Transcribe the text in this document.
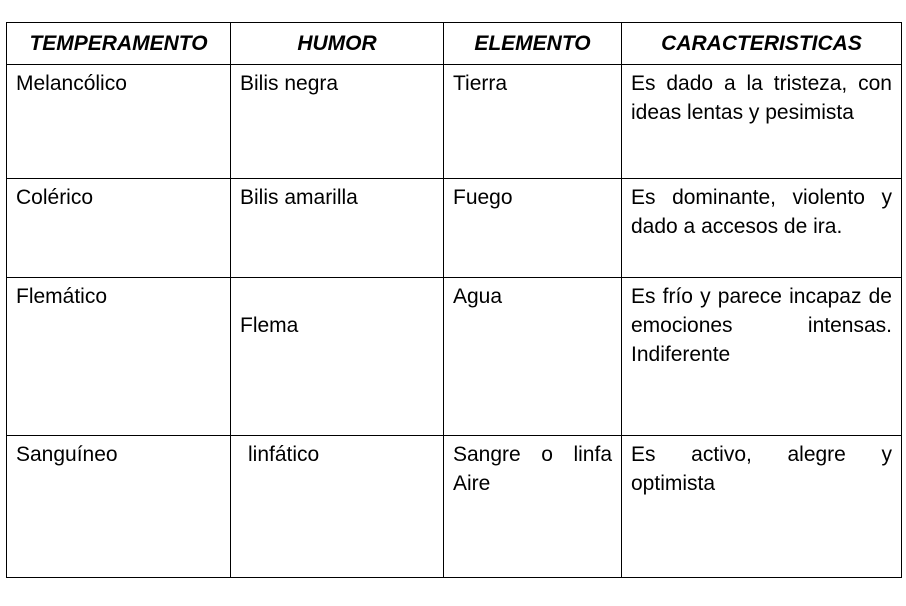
TEMPERAMENTO	HUMOR	ELEMENTO	CARACTERISTICAS

Melancólico	Bilis negra	Tierra	Es dado a la tristeza, con ideas lentas y pesimista

Colérico	Bilis amarilla	Fuego	Es dominante, violento y dado a accesos de ira.

Flemático	Flema	Agua	Es frío y parece incapaz de emociones intensas. Indiferente

Sanguíneo	linfático	Sangre o linfa Aire	Es activo, alegre y optimista
